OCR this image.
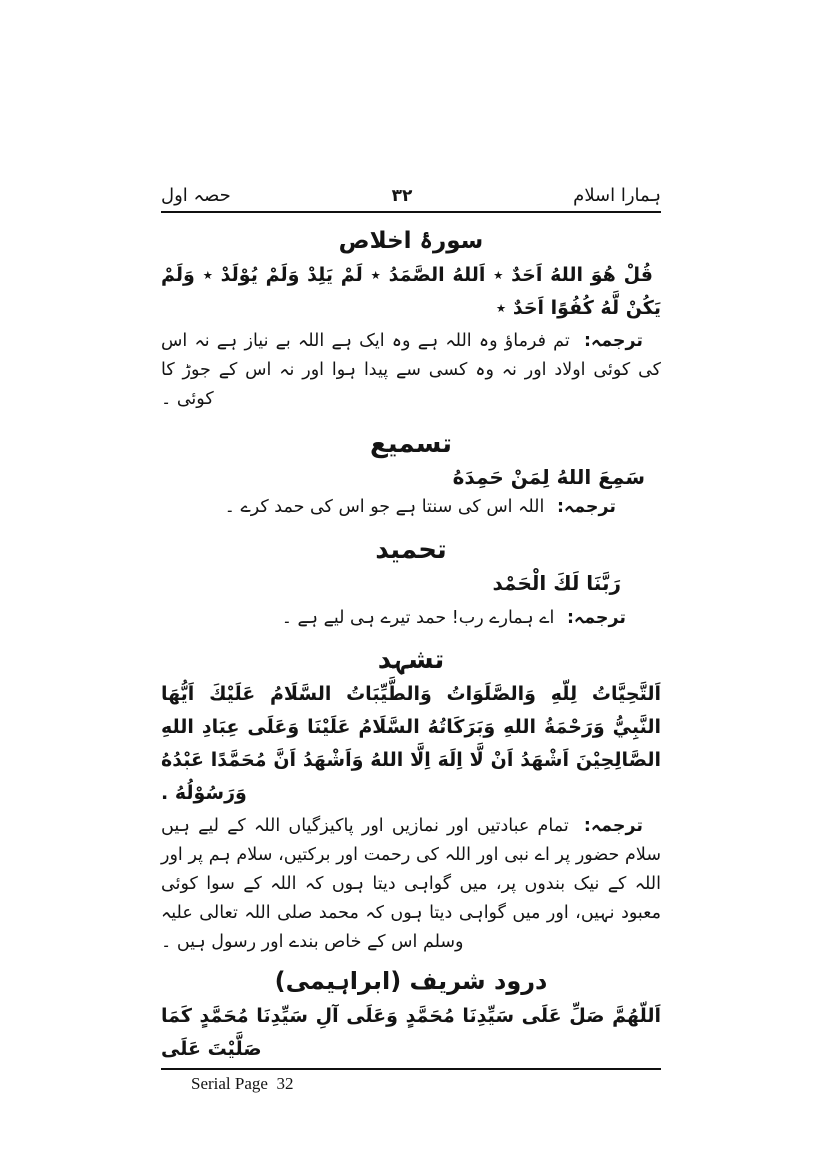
حصہ اول	۳۲	ہمارا اسلام
سورۂ اخلاص

قُلْ هُوَ اللهُ اَحَدٌ ٭ اَللهُ الصَّمَدُ ٭ لَمْ يَلِدْ وَلَمْ يُوْلَدْ ٭ وَلَمْ يَكُنْ لَّهُ كُفُوًا اَحَدٌ ٭

ترجمہ: تم فرماؤ وہ اللہ ہے وہ ایک ہے اللہ بے نیاز ہے نہ اس کی کوئی اولاد اور نہ وہ کسی سے پیدا ہوا اور نہ اس کے جوڑ کا کوئی ۔

تسمیع

سَمِعَ اللهُ لِمَنْ حَمِدَهُ

ترجمہ: اللہ اس کی سنتا ہے جو اس کی حمد کرے ۔

تحمید

رَبَّنَا لَكَ الْحَمْد

ترجمہ: اے ہمارے رب! حمد تیرے ہی لیے ہے ۔

تشہد

اَلتَّحِيَّاتُ لِلّهِ وَالصَّلَوَاتُ وَالطَّيِّبَاتُ السَّلَامُ عَلَيْكَ اَيُّهَا النَّبِيُّ وَرَحْمَةُ اللهِ وَبَرَكَاتُهُ السَّلَامُ عَلَيْنَا وَعَلَى عِبَادِ اللهِ الصَّالِحِيْنَ اَشْهَدُ اَنْ لَّا اِلَهَ اِلَّا اللهُ وَاَشْهَدُ اَنَّ مُحَمَّدًا عَبْدُهُ وَرَسُوْلُهُ .

ترجمہ: تمام عبادتیں اور نمازیں اور پاکیزگیاں اللہ کے لیے ہیں سلام حضور پر اے نبی اور اللہ کی رحمت اور برکتیں، سلام ہم پر اور اللہ کے نیک بندوں پر، میں گواہی دیتا ہوں کہ اللہ کے سوا کوئی معبود نہیں، اور میں گواہی دیتا ہوں کہ محمد صلی اللہ تعالی علیہ وسلم اس کے خاص بندے اور رسول ہیں ۔

درود شریف (ابراہیمی)

اَللّهُمَّ صَلِّ عَلَى سَيِّدِنَا مُحَمَّدٍ وَعَلَى آلِ سَيِّدِنَا مُحَمَّدٍ كَمَا صَلَّيْتَ عَلَى

Serial Page  32
